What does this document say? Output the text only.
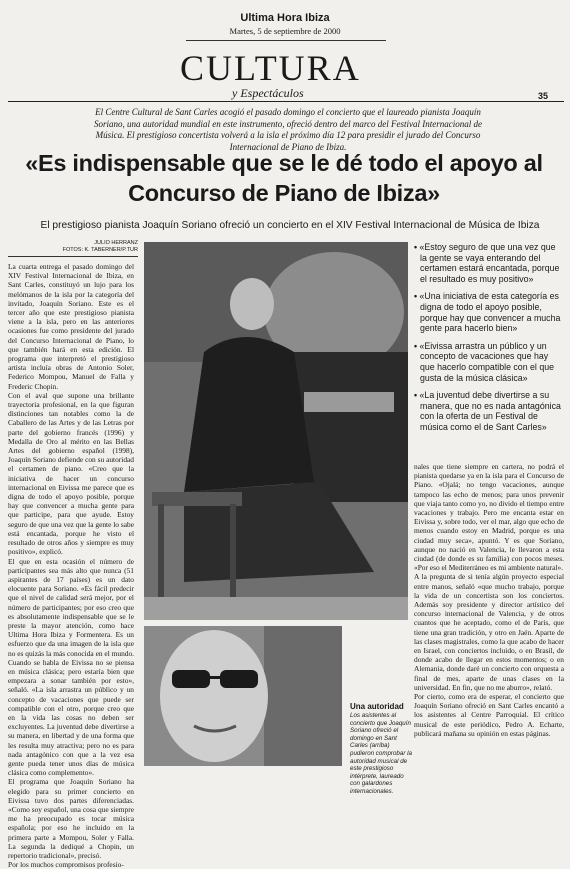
Ultima Hora Ibiza
Martes, 5 de septiembre de 2000
CULTURA
y Espectáculos	35
El Centre Cultural de Sant Carles acogió el pasado domingo el concierto que el laureado pianista Joaquín Soriano, una autoridad mundial en este instrumento, ofreció dentro del marco del Festival Internacional de Música. El prestigioso concertista volverá a la isla el próximo día 12 para presidir el jurado del Concurso Internacional de Piano de Ibiza.
«Es indispensable que se le dé todo el apoyo al Concurso de Piano de Ibiza»
El prestigioso pianista Joaquín Soriano ofreció un concierto en el XIV Festival Internacional de Música de Ibiza
JULIO HERRANZ
FOTOS: K. TABERNER/P.TUR
La cuarta entrega el pasado domingo del XIV Festival Internacional de Ibiza, en Sant Carles, constituyó un lujo para los melómanos de la isla por la categoría del invitado, Joaquín Soriano. Este es el tercer año que este prestigioso pianista viene a la isla, pero en las anteriores ocasiones fue como presidente del jurado del Concurso Internacional de Piano, lo que también hará en esta edición. El programa que interpretó el prestigioso artista incluía obras de Antonio Soler, Federico Mompou, Manuel de Falla y Frederic Chopin.
Con el aval que supone una brillante trayectoria profesional, en la que figuran distinciones tan notables como la de Caballero de las Artes y de las Letras por parte del gobierno francés (1996) y Medalla de Oro al mérito en las Bellas Artes del gobierno español (1998), Joaquín Soriano defiende con su autoridad el certamen de piano. «Creo que la iniciativa de hacer un concurso internacional en Eivissa me parece que es digna de todo el apoyo posible, porque hay que convencer a mucha gente para que participe, para que ayude. Estoy seguro de que una vez que la gente lo sabe está encantada, porque he visto el resultado de otros años y siempre es muy positivo», explicó.
El que en esta ocasión el número de participantes sea más alto que nunca (51 aspirantes de 17 países) es un dato elocuente para Soriano. «Es fácil predecir que el nivel de calidad será mejor, por el número de participantes; por eso creo que es absolutamente indispensable que se le preste la mayor atención, como hace Ultima Hora Ibiza y Formentera. Es un esfuerzo que da una imagen de la isla que no es quizás la más conocida en el mundo. Cuando se habla de Eivissa no se piensa en música clásica; pero estaría bien que empezara a sonar también por esto», señaló. «La isla arrastra un público y un concepto de vacaciones que puede ser compatible con el otro, porque creo que en la vida las cosas no deben ser excluyentes. La juventud debe divertirse a su manera, en libertad y de una forma que les resulta muy atractiva; pero no es para nada antagónico con que a la vez esa gente pueda tener unos días de música clásica como complemento».
El programa que Joaquín Soriano ha elegido para su primer concierto en Eivissa tuvo dos partes diferenciadas. «Como soy español, una cosa que siempre me ha preocupado es tocar música española; por eso he incluido en la primera parte a Mompou, Soler y Falla. La segunda la dediqué a Chopin, un repertorio tradicional», precisó.
Por los muchos compromisos profesio-
• «Estoy seguro de que una vez que la gente se vaya enterando del certamen estará encantada, porque el resultado es muy positivo»
• «Una iniciativa de esta categoría es digna de todo el apoyo posible, porque hay que convencer a mucha gente para hacerlo bien»
• «Eivissa arrastra un público y un concepto de vacaciones que hay que hacerlo compatible con el que gusta de la música clásica»
• «La juventud debe divertirse a su manera, que no es nada antagónica con la oferta de un Festival de música como el de Sant Carles»
nales que tiene siempre en cartera, no podrá el pianista quedarse ya en la isla para el Concurso de Piano. «Ojalá; no tengo vacaciones, aunque tampoco las echo de menos; para unos prevenir que viaja tanto como yo, no divido el tiempo entre vacaciones y trabajo. Pero me encanta estar en Eivissa y, sobre todo, ver el mar, algo que echo de menos cuando estoy en Madrid, porque es una ciudad muy seca», apuntó. Y es que Soriano, aunque no nació en Valencia, le llevaron a esta ciudad (de donde es su familia) con pocos meses. «Por eso el Mediterráneo es mi ambiente natural».
A la pregunta de si tenía algún proyecto especial entre manos, señaló «que mucho trabajo, porque la vida de un concertista son los conciertos. Además soy presidente y director artístico del concurso internacional de Valencia, y de otros cuantos que he aceptado, como el de París, que tiene una gran tradición, y otro en Jaén. Aparte de las clases magistrales, como la que acabo de hacer en Israel, con conciertos incluido, o en Brasil, de donde acabo de llegar en estos momentos; o en Alemania, donde daré un concierto con orquesta a final de mes, aparte de unas clases en la universidad. En fin, que no me aburro», relató.
Por cierto, como era de esperar, el concierto que Joaquín Soriano ofreció en Sant Carles encantó a los asistentes al Centre Parroquial. El crítico musical de este periódico, Pedro A. Echarte, publicará mañana su opinión en estas páginas.
Una autoridad
Los asistentes al concierto que Joaquín Soriano ofreció el domingo en Sant Carles (arriba) pudieron comprobar la autoridad musical de este prestigioso intérprete, laureado con galardones internacionales.
